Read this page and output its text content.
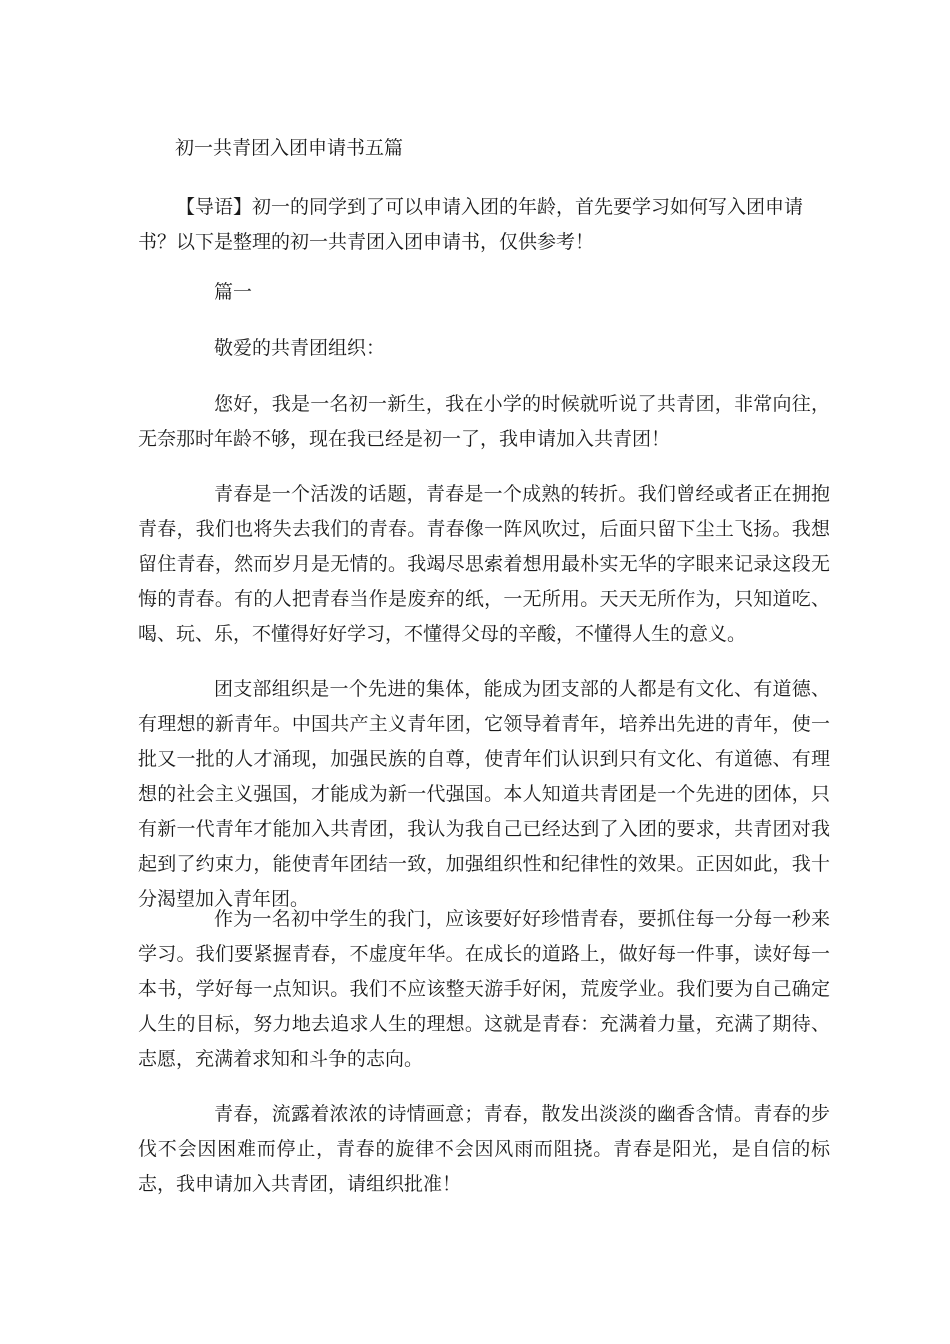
初一共青团入团申请书五篇

【导语】初一的同学到了可以申请入团的年龄，首先要学习如何写入团申请
书？以下是整理的初一共青团入团申请书，仅供参考！

篇一

敬爱的共青团组织：

您好，我是一名初一新生，我在小学的时候就听说了共青团，非常向往，无奈那时年龄不够，现在我已经是初一了，我申请加入共青团！

青春是一个活泼的话题，青春是一个成熟的转折。我们曾经或者正在拥抱青春，我们也将失去我们的青春。青春像一阵风吹过，后面只留下尘土飞扬。我想留住青春，然而岁月是无情的。我竭尽思索着想用最朴实无华的字眼来记录这段无悔的青春。有的人把青春当作是废弃的纸，一无所用。天天无所作为，只知道吃、喝、玩、乐，不懂得好好学习，不懂得父母的辛酸，不懂得人生的意义。

团支部组织是一个先进的集体，能成为团支部的人都是有文化、有道德、有理想的新青年。中国共产主义青年团，它领导着青年，培养出先进的青年，使一批又一批的人才涌现，加强民族的自尊，使青年们认识到只有文化、有道德、有理想的社会主义强国，才能成为新一代强国。本人知道共青团是一个先进的团体，只有新一代青年才能加入共青团，我认为我自己已经达到了入团的要求，共青团对我起到了约束力，能使青年团结一致，加强组织性和纪律性的效果。正因如此，我十分渴望加入青年团。

作为一名初中学生的我门，应该要好好珍惜青春，要抓住每一分每一秒来学习。我们要紧握青春，不虚度年华。在成长的道路上，做好每一件事，读好每一本书，学好每一点知识。我们不应该整天游手好闲，荒废学业。我们要为自己确定人生的目标，努力地去追求人生的理想。这就是青春：充满着力量，充满了期待、志愿，充满着求知和斗争的志向。

青春，流露着浓浓的诗情画意；青春，散发出淡淡的幽香含情。青春的步伐不会因困难而停止，青春的旋律不会因风雨而阻挠。青春是阳光，是自信的标志，我申请加入共青团，请组织批准！
